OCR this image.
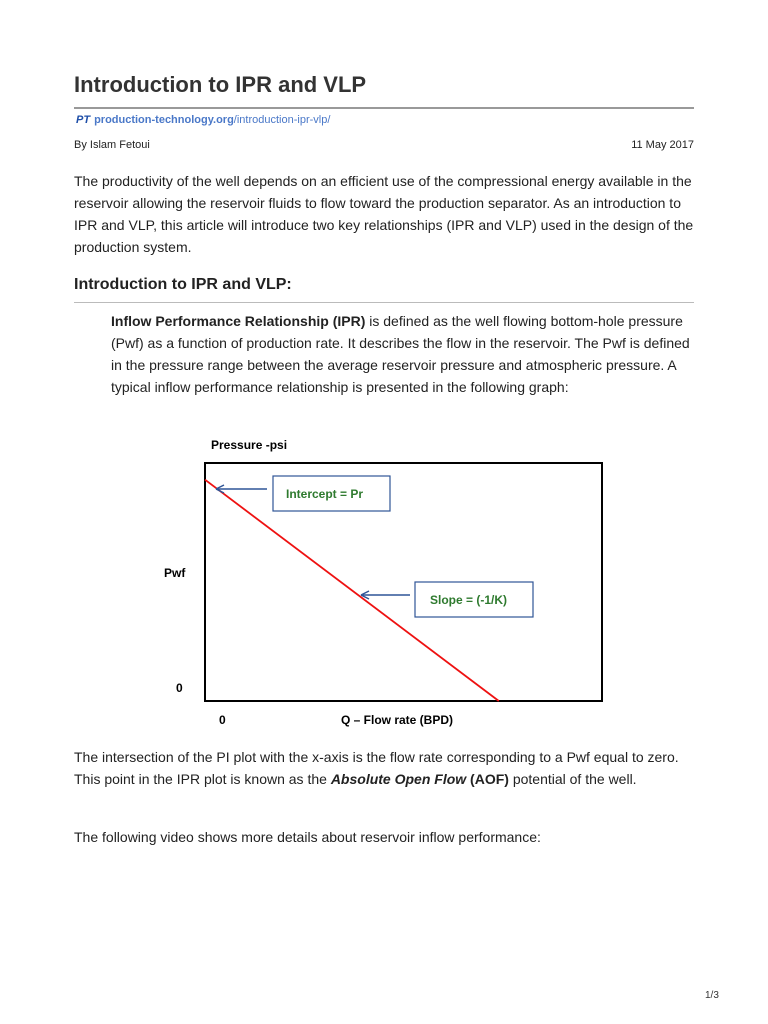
Introduction to IPR and VLP
PT production-technology.org/introduction-ipr-vlp/
By Islam Fetoui	11 May 2017

The productivity of the well depends on an efficient use of the compressional energy available in the reservoir allowing the reservoir fluids to flow toward the production separator. As an introduction to IPR and VLP, this article will introduce two key relationships (IPR and VLP) used in the design of the production system.

Introduction to IPR and VLP:

Inflow Performance Relationship (IPR) is defined as the well flowing bottom-hole pressure (Pwf) as a function of production rate. It describes the flow in the reservoir. The Pwf is defined in the pressure range between the average reservoir pressure and atmospheric pressure. A typical inflow performance relationship is presented in the following graph:

The intersection of the PI plot with the x-axis is the flow rate corresponding to a Pwf equal to zero. This point in the IPR plot is known as the Absolute Open Flow (AOF) potential of the well.

The following video shows more details about reservoir inflow performance:

Pressure -psi
Pwf
0
0	Q – Flow rate (BPD)
Intercept = Pr
Slope = (-1/K)
1/3
